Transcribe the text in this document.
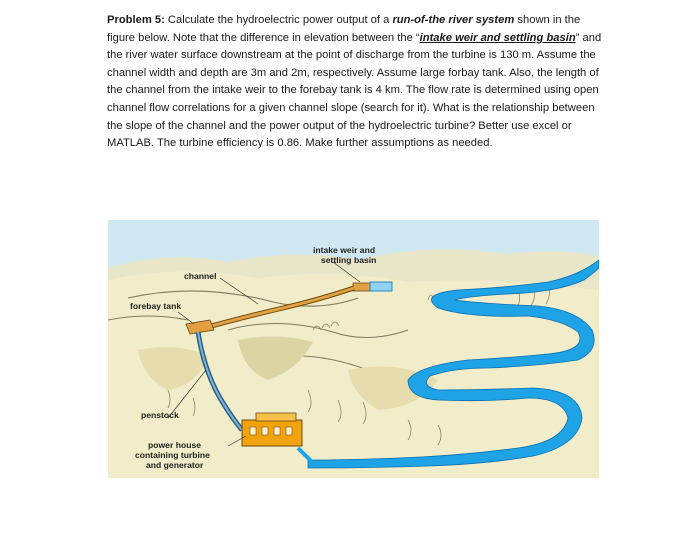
Problem 5: Calculate the hydroelectric power output of a run-of-the river system shown in the figure below. Note that the difference in elevation between the “intake weir and settling basin” and the river water surface downstream at the point of discharge from the turbine is 130 m. Assume the channel width and depth are 3m and 2m, respectively. Assume large forbay tank. Also, the length of the channel from the intake weir to the forebay tank is 4 km. The flow rate is determined using open channel flow correlations for a given channel slope (search for it). What is the relationship between the slope of the channel and the power output of the hydroelectric turbine? Better use excel or MATLAB. The turbine efficiency is 0.86. Make further assumptions as needed.

intake weir and
settling basin
channel
forebay tank
penstock
power house
containing turbine
and generator
